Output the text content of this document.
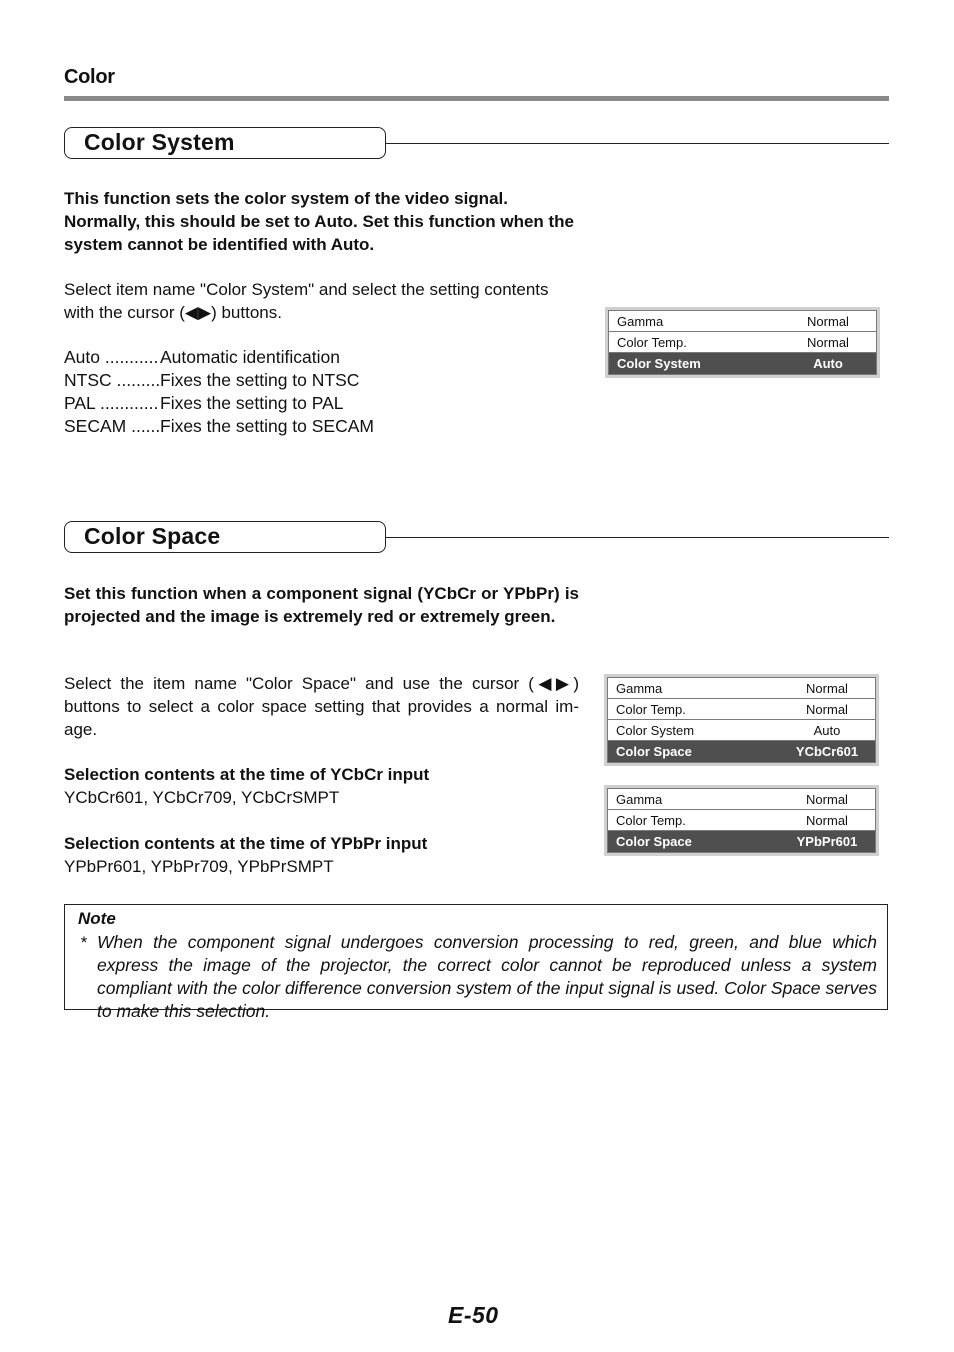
Color
Color System
This function sets the color system of the video signal. Normally, this should be set to Auto. Set this function when the system cannot be identified with Auto.
Select item name "Color System" and select the setting contents with the cursor (◀▶) buttons.
Auto .....	Automatic identification
NTSC .....	Fixes the setting to NTSC
PAL .....	Fixes the setting to PAL
SECAM .....	Fixes the setting to SECAM
Gamma	Normal
Color Temp.	Normal
Color System	Auto
Color Space
Set this function when a component signal (YCbCr or YPbPr) is projected and the image is extremely red or extremely green.
Select the item name "Color Space" and use the cursor (◀▶) buttons to select a color space setting that provides a normal im-age.
Selection contents at the time of YCbCr input
YCbCr601, YCbCr709, YCbCrSMPT
Selection contents at the time of YPbPr input
YPbPr601, YPbPr709, YPbPrSMPT
Gamma	Normal
Color Temp.	Normal
Color System	Auto
Color Space	YCbCr601
Gamma	Normal
Color Temp.	Normal
Color Space	YPbPr601
Note
* When the component signal undergoes conversion processing to red, green, and blue which express the image of the projector, the correct color cannot be reproduced unless a system compliant with the color difference conversion system of the input signal is used. Color Space serves to make this selection.
E-50
